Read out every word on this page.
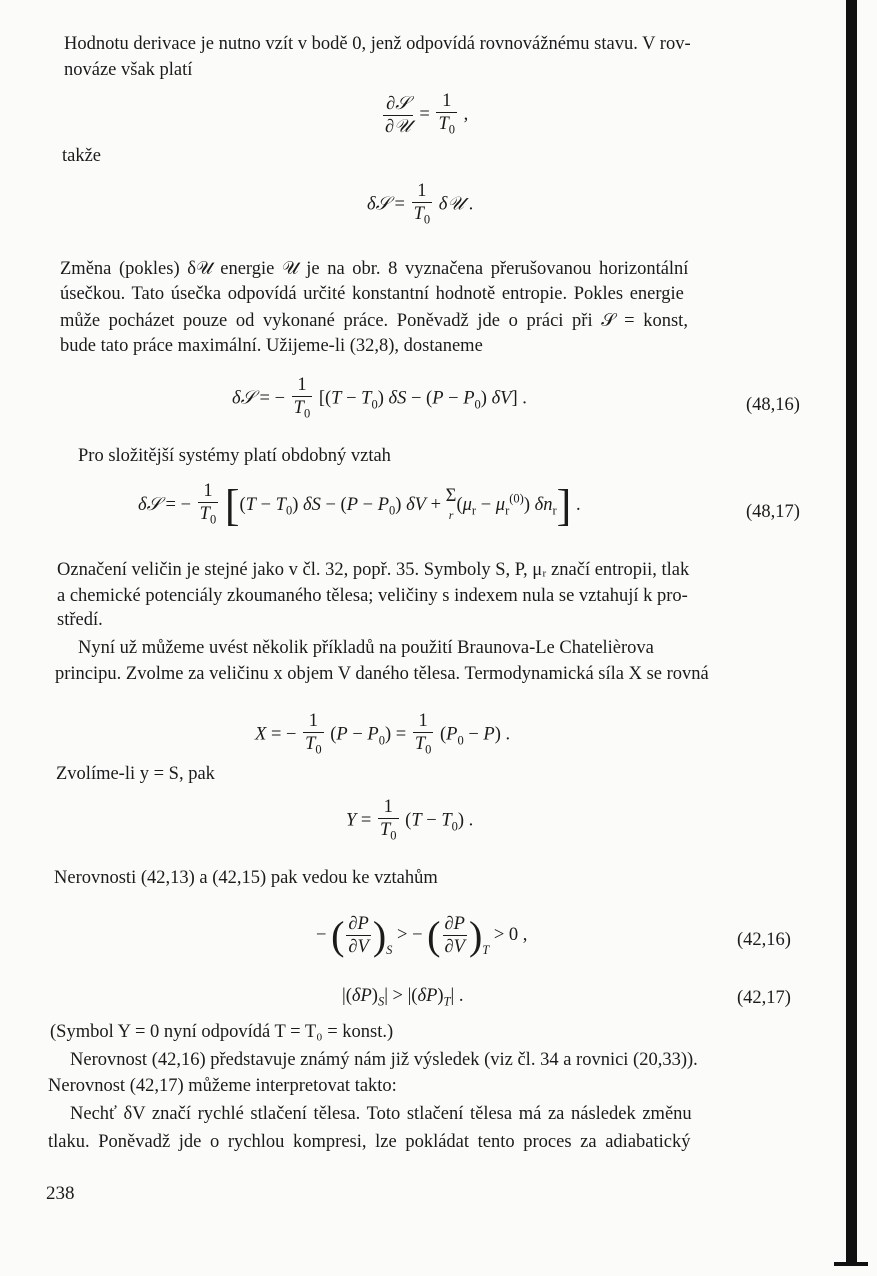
Hodnotu derivace je nutno vzít v bodě 0, jenž odpovídá rovnovážnému stavu. V rov-
nováze však platí
$\frac{\text{∂𝒮}}{\text{∂𝒰}} = \frac{1}{T_0}$ ,
takže
δ𝒮 = $\frac{1}{T_0}$ δ𝒰 .
Změna (pokles) δ𝒰 energie 𝒰 je na obr. 8 vyznačena přerušovanou horizontální
úsečkou. Tato úsečka odpovídá určité konstantní hodnotě entropie. Pokles energie
může pocházet pouze od vykonané práce. Poněvadž jde o práci při 𝒮 = konst,
bude tato práce maximální. Užijeme-li (32,8), dostaneme
δ𝒮 = − $\frac{1}{T_0} [(T - T_0) \delta S - (P - P_0)$ δV] .	(48,16)
Pro složitější systémy platí obdobný vztah
δ𝒮 = − $\frac{1}{T_0} [(T - T_0) \delta S - (P - P_0) \delta V + \Sigma$
$r(\mu_r - \mu_r^{(0)})$ $\delta n_r$] .	(48,17)
Označení veličin je stejné jako v čl. 32, popř. 35. Symboly S, P, μᵣ značí entropii, tlak
a chemické potenciály zkoumaného tělesa; veličiny s indexem nula se vztahují k pro-
středí.
Nyní už můžeme uvést několik příkladů na použití Braunova-Le Chatelièrova
principu. Zvolme za veličinu x objem V daného tělesa. Termodynamická síla X se rovná
X = − $\frac{1}{T_0} (P - P_0) = \frac{1}{T_0} (P_0 - P)$ .
Zvolíme-li y = S, pak
$Y = \frac{1}{T_0} (T - T_0)$ .
Nerovnosti (42,13) a (42,15) pak vedou ke vztahům
− ( $\frac{\partial P}{\partial V} )_S$ > − ( $\frac{\partial P}{\partial V} )_T > 0$ ,	(42,16)
$|(\delta P)_S| > |(\delta P)_T|$ .	(42,17)
(Symbol Y = 0 nyní odpovídá T = T₀ = konst.)
Nerovnost (42,16) představuje známý nám již výsledek (viz čl. 34 a rovnici (20,33)).
Nerovnost (42,17) můžeme interpretovat takto:
Nechť δV značí rychlé stlačení tělesa. Toto stlačení tělesa má za následek změnu
tlaku. Poněvadž jde o rychlou kompresi, lze pokládat tento proces za adiabatický
238
